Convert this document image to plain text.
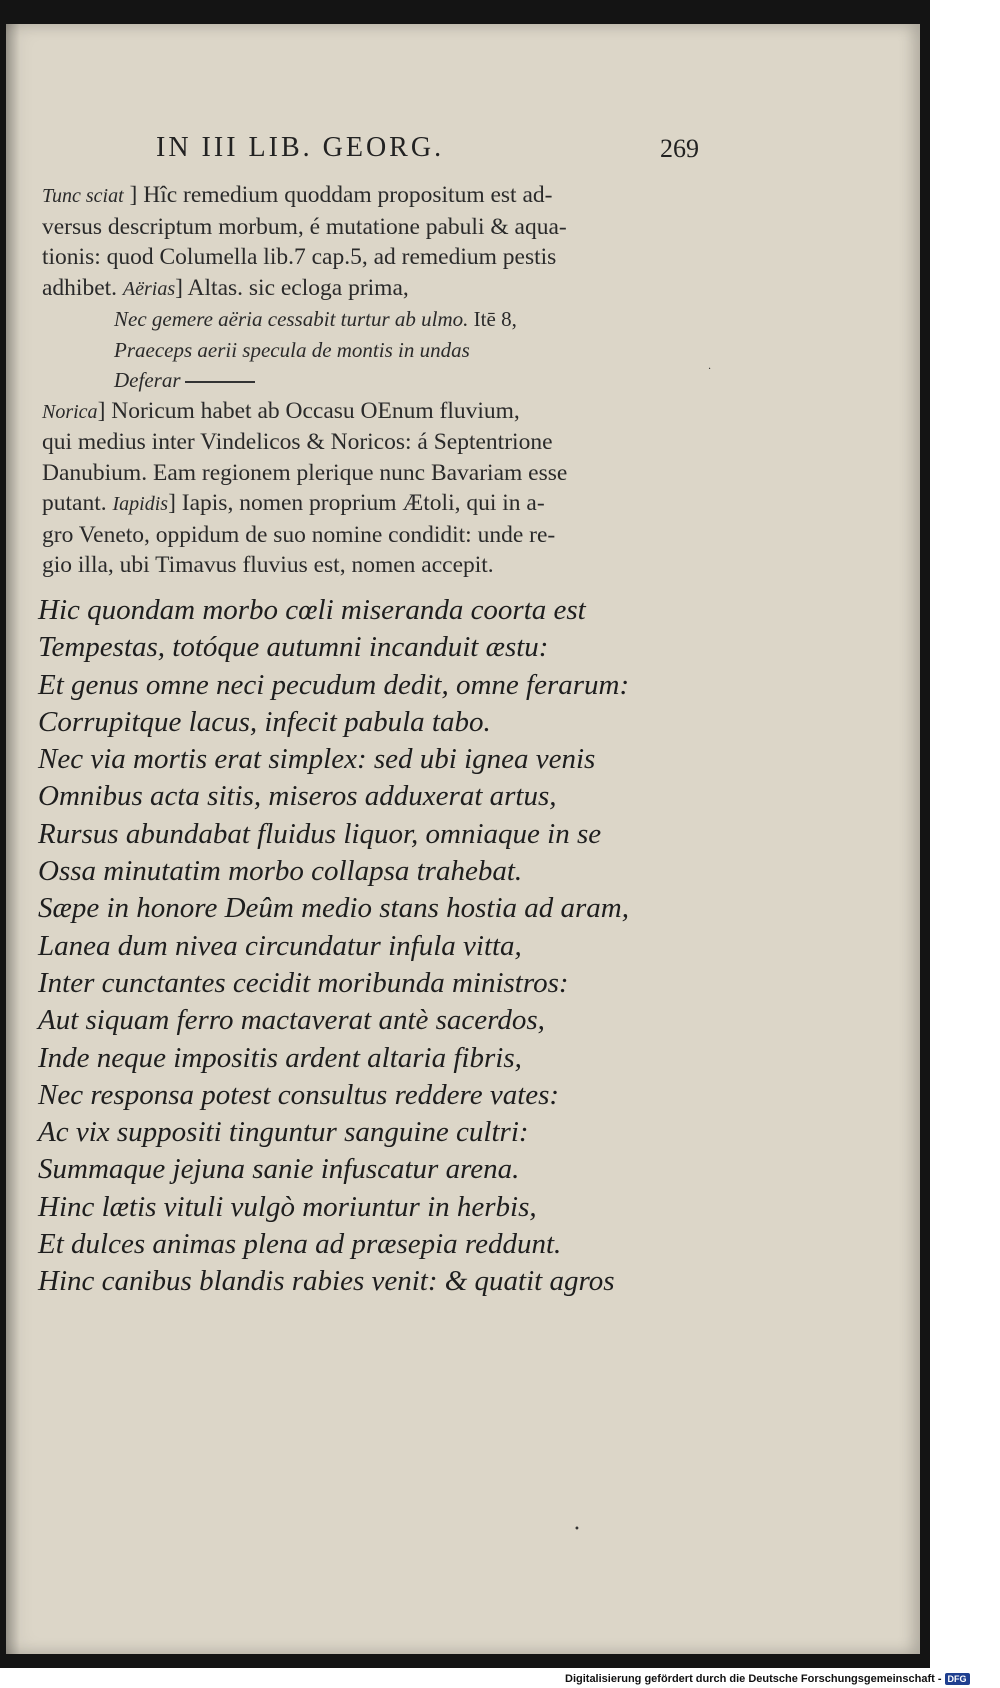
IN III LIB. GEORG.	269
Tunc sciat ] Hîc remedium quoddam propositum est ad-
versus descriptum morbum, é mutatione pabuli & aqua-
tionis: quod Columella lib.7 cap.5, ad remedium pestis
adhibet. Aërias] Altas. sic ecloga prima,
Nec gemere aëria cessabit turtur ab ulmo. Itē 8,
Praeceps aerii specula de montis in undas
Deferar
Norica] Noricum habet ab Occasu OEnum fluvium,
qui medius inter Vindelicos & Noricos: á Septentrione
Danubium. Eam regionem plerique nunc Bavariam esse
putant. Iapidis] Iapis, nomen proprium Ætoli, qui in a-
gro Veneto, oppidum de suo nomine condidit: unde re-
gio illa, ubi Timavus fluvius est, nomen accepit.
Hic quondam morbo cœli miseranda coorta est
Tempestas, totóque autumni incanduit æstu:
Et genus omne neci pecudum dedit, omne ferarum:
Corrupitque lacus, infecit pabula tabo.
Nec via mortis erat simplex: sed ubi ignea venis
Omnibus acta sitis, miseros adduxerat artus,
Rursus abundabat fluidus liquor, omniaque in se
Ossa minutatim morbo collapsa trahebat.
Sæpe in honore Deûm medio stans hostia ad aram,
Lanea dum nivea circundatur infula vitta,
Inter cunctantes cecidit moribunda ministros:
Aut siquam ferro mactaverat antè sacerdos,
Inde neque impositis ardent altaria fibris,
Nec responsa potest consultus reddere vates:
Ac vix suppositi tinguntur sanguine cultri:
Summaque jejuna sanie infuscatur arena.
Hinc lætis vituli vulgò moriuntur in herbis,
Et dulces animas plena ad præsepia reddunt.
Hinc canibus blandis rabies venit: & quatit agros
•
·
Digitalisierung gefördert durch die Deutsche Forschungsgemeinschaft - DFG
